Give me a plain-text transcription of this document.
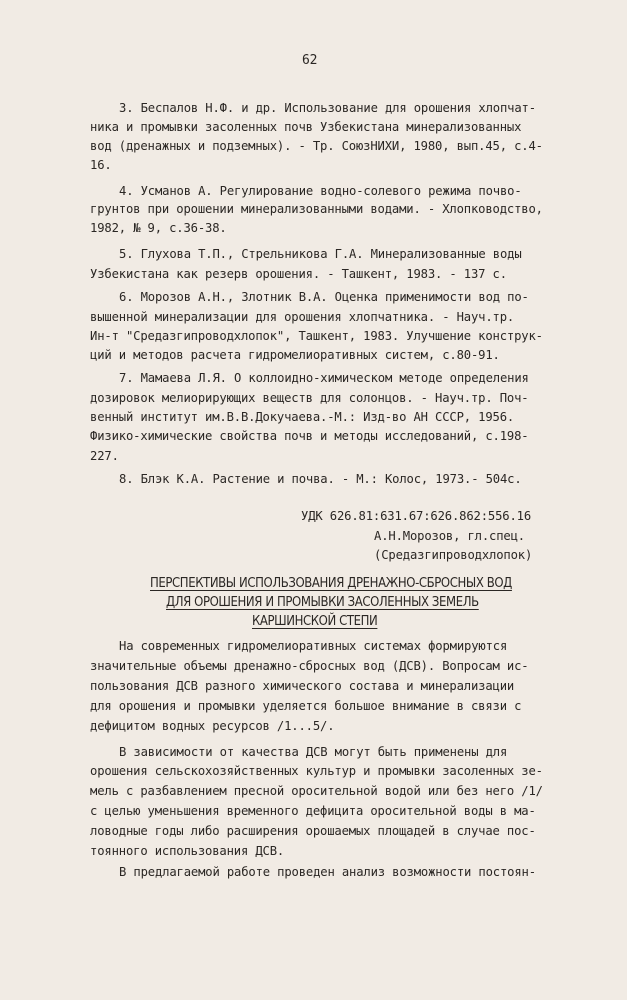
62
3. Беспалов Н.Ф. и др. Использование для орошения хлопчат-
ника и промывки засоленных почв Узбекистана минерализованных
вод (дренажных и подземных). - Тр. СоюзНИХИ, 1980, вып.45, с.4-
16.
4. Усманов А. Регулирование водно-солевого режима почво-
грунтов при орошении минерализованными водами. - Хлопководство,
1982, № 9, с.36-38.
5. Глухова Т.П., Стрельникова Г.А. Минерализованные воды
Узбекистана как резерв орошения. - Ташкент, 1983. - 137 с.
6. Морозов А.Н., Злотник В.А. Оценка применимости вод по-
вышенной минерализации для орошения хлопчатника. - Науч.тр.
Ин-т "Средазгипроводхлопок", Ташкент, 1983. Улучшение конструк-
ций и методов расчета гидромелиоративных систем, с.80-91.
7. Мамаева Л.Я. О коллоидно-химическом методе определения
дозировок мелиорирующих веществ для солонцов. - Науч.тр. Поч-
венный институт им.В.В.Докучаева.-М.: Изд-во АН СССР, 1956.
Физико-химические свойства почв и методы исследований, с.198-
227.
8. Блэк К.А. Растение и почва. - М.: Колос, 1973.- 504с.
УДК 626.81:631.67:626.862:556.16
А.Н.Морозов, гл.спец.
(Средазгипроводхлопок)
ПЕРСПЕКТИВЫ ИСПОЛЬЗОВАНИЯ ДРЕНАЖНО-СБРОСНЫХ ВОД
ДЛЯ ОРОШЕНИЯ И ПРОМЫВКИ ЗАСОЛЕННЫХ ЗЕМЕЛЬ
КАРШИНСКОЙ СТЕПИ
На современных гидромелиоративных системах формируются
значительные объемы дренажно-сбросных вод (ДСВ). Вопросам ис-
пользования ДСВ разного химического состава и минерализации
для орошения и промывки уделяется большое внимание в связи с
дефицитом водных ресурсов /1...5/.
В зависимости от качества ДСВ могут быть применены для
орошения сельскохозяйственных культур и промывки засоленных зе-
мель с разбавлением пресной оросительной водой или без него /1/
с целью уменьшения временного дефицита оросительной воды в ма-
ловодные годы либо расширения орошаемых площадей в случае пос-
тоянного использования ДСВ.
В предлагаемой работе проведен анализ возможности постоян-
